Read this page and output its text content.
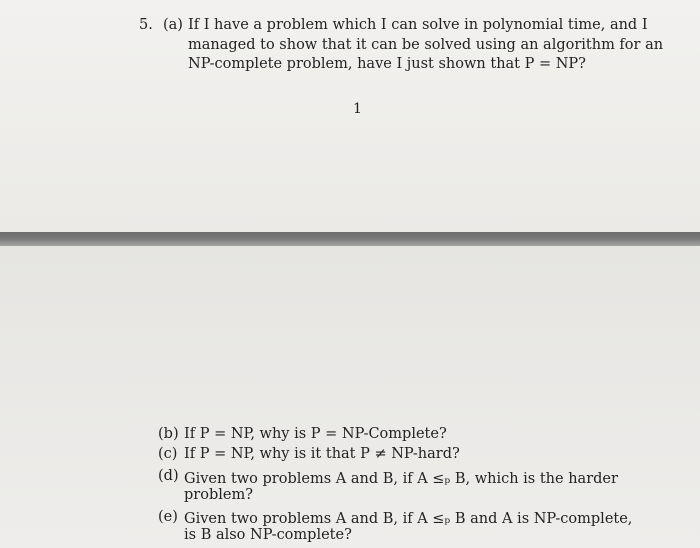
5. (a) If I have a problem which I can solve in polynomial time, and I
managed to show that it can be solved using an algorithm for an
NP-complete problem, have I just shown that P = NP?
1
(b) If P = NP, why is P = NP-Complete?
(c) If P = NP, why is it that P ≠ NP-hard?
(d) Given two problems A and B, if A ≤ₚ B, which is the harder
problem?
(e) Given two problems A and B, if A ≤ₚ B and A is NP-complete,
is B also NP-complete?
